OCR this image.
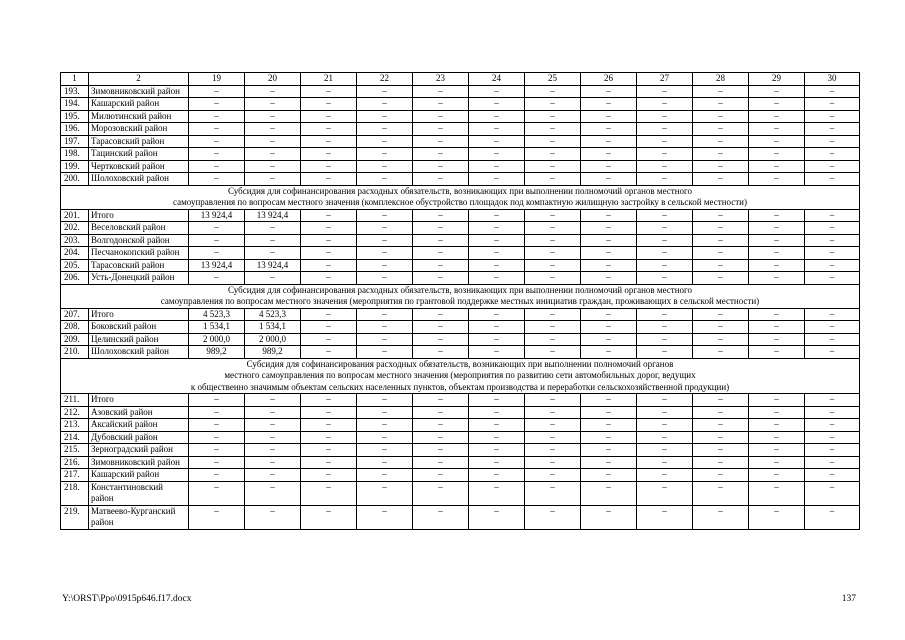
1	2	19	20	21	22	23	24	25	26	27	28	29	30
193.	Зимовниковский район	–	–	–	–	–	–	–	–	–	–	–	–
194.	Кашарский район	–	–	–	–	–	–	–	–	–	–	–	–
195.	Милютинский район	–	–	–	–	–	–	–	–	–	–	–	–
196.	Морозовский район	–	–	–	–	–	–	–	–	–	–	–	–
197.	Тарасовский район	–	–	–	–	–	–	–	–	–	–	–	–
198.	Тацинский район	–	–	–	–	–	–	–	–	–	–	–	–
199.	Чертковский район	–	–	–	–	–	–	–	–	–	–	–	–
200.	Шолоховский район	–	–	–	–	–	–	–	–	–	–	–	–

Субсидия для софинансирования расходных обязательств, возникающих при выполнении полномочий органов местного
самоуправления по вопросам местного значения (комплексное обустройство площадок под компактную жилищную застройку в сельской местности)													

201.	Итого	13 924,4	13 924,4	–	–	–	–	–	–	–	–	–	–
202.	Веселовский район	–	–	–	–	–	–	–	–	–	–	–	–
203.	Волгодонской район	–	–	–	–	–	–	–	–	–	–	–	–
204.	Песчанокопский район	–	–	–	–	–	–	–	–	–	–	–	–
205.	Тарасовский район	13 924,4	13 924,4	–	–	–	–	–	–	–	–	–	–
206.	Усть-Донецкий район	–	–	–	–	–	–	–	–	–	–	–	–

Субсидия для софинансирования расходных обязательств, возникающих при выполнении полномочий органов местного
самоуправления по вопросам местного значения (мероприятия по грантовой поддержке местных инициатив граждан, проживающих в сельской местности)													

207.	Итого	4 523,3	4 523,3	–	–	–	–	–	–	–	–	–	–
208.	Боковский район	1 534,1	1 534,1	–	–	–	–	–	–	–	–	–	–
209.	Целинский район	2 000,0	2 000,0	–	–	–	–	–	–	–	–	–	–
210.	Шолоховский район	989,2	989,2	–	–	–	–	–	–	–	–	–	–

Субсидия для софинансирования расходных обязательств, возникающих при выполнении полномочий органов
местного самоуправления по вопросам местного значения (мероприятия по развитию сети автомобильных дорог, ведущих
к общественно значимым объектам сельских населенных пунктов, объектам производства и переработки сельскохозяйственной продукции)													

211.	Итого	–	–	–	–	–	–	–	–	–	–	–	–
212.	Азовский район	–	–	–	–	–	–	–	–	–	–	–	–
213.	Аксайский район	–	–	–	–	–	–	–	–	–	–	–	–
214.	Дубовский район	–	–	–	–	–	–	–	–	–	–	–	–
215.	Зерноградский район	–	–	–	–	–	–	–	–	–	–	–	–
216.	Зимовниковский район	–	–	–	–	–	–	–	–	–	–	–	–
217.	Кашарский район	–	–	–	–	–	–	–	–	–	–	–	–
218.	Константиновский район	–	–	–	–	–	–	–	–	–	–	–	–
219.	Матвеево-Курганский район	–	–	–	–	–	–	–	–	–	–	–	–
Y:\ORST\Ppo\0915p646.f17.docx	137
